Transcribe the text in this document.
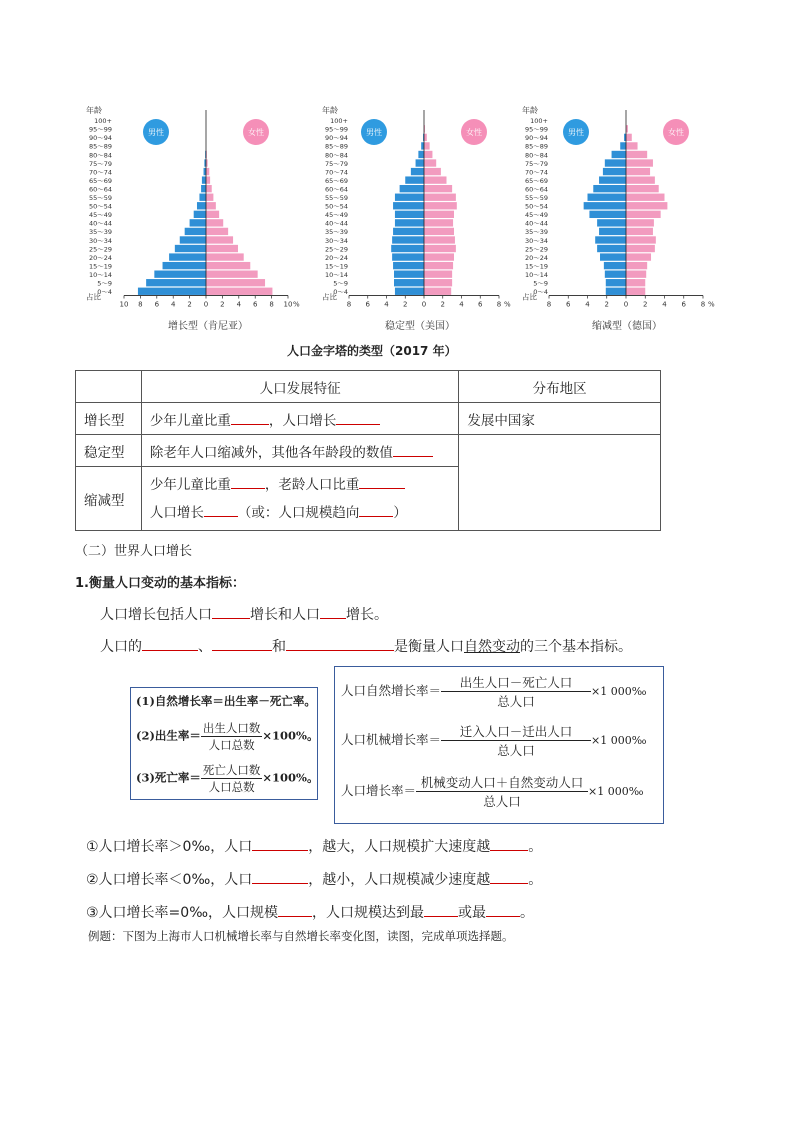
年龄
100+
95～99
90～94
85～89
80～84
75～79
70～74
65～69
60～64
55～59
50～54
45～49
40～44
35～39
30～34
25～29
20～24
15～19
10～14
5～9
0～4
10 8 6 4 2 0 2 4 6 8 10 %
占比
男性	女性
增长型（肯尼亚）
年龄
100+
95～99
90～94
85～89
80～84
75～79
70～74
65～69
60～64
55～59
50～54
45～49
40～44
35～39
30～34
25～29
20～24
15～19
10～14
5～9
0～4
8 6 4 2 0 2 4 6 8 %
占比
男性	女性
稳定型（美国）
年龄
100+
95～99
90～94
85～89
80～84
75～79
70～74
65～69
60～64
55～59
50～54
45～49
40～44
35～39
30～34
25～29
20～24
15～19
10～14
5～9
0～4
8 6 4 2 0 2 4 6 8 %
占比
男性	女性
缩减型（德国）
人口金字塔的类型（2017 年）
	人口发展特征	分布地区
增长型	少年儿童比重 ，人口增长	发展中国家
稳定型	除老年人口缩减外，其他各年龄段的数值	
缩减型	少年儿童比重 ，老龄人口比重
人口增长 （或：人口规模趋向 ）	
（二）世界人口增长
1.衡量人口变动的基本指标：
人口增长包括人口	增长和人口 增长。
人口的	、	和	是衡量人口自然变动的三个基本指标。
(1)自然增长率＝出生率－死亡率。
(2)出生率＝ $\frac{\text{出生人口数}}{\text{人口总数}} \times 100\%$。
(3)死亡率＝ $\frac{\text{死亡人口数}}{\text{人口总数}} \times 100\%$。
人口自然增长率＝ $\frac{\text{出生人口－死亡人口}}{\text{总人口}} \times 1$ 000‰
人口机械增长率＝ $\frac{\text{迁入人口－迁出人口}}{\text{总人口}} \times 1$ 000‰
人口增长率＝ $\frac{\text{机械变动人口＋自然变动人口}}{\text{总人口}} \times 1$ 000‰
①人口增长率＞0‰，人口	，越大，人口规模扩大速度越	。
②人口增长率＜0‰，人口	，越小，人口规模减少速度越	。
③人口增长率=0‰，人口规模 ，人口规模达到最 或最 。
例题：下图为上海市人口机械增长率与自然增长率变化图，读图，完成单项选择题。
